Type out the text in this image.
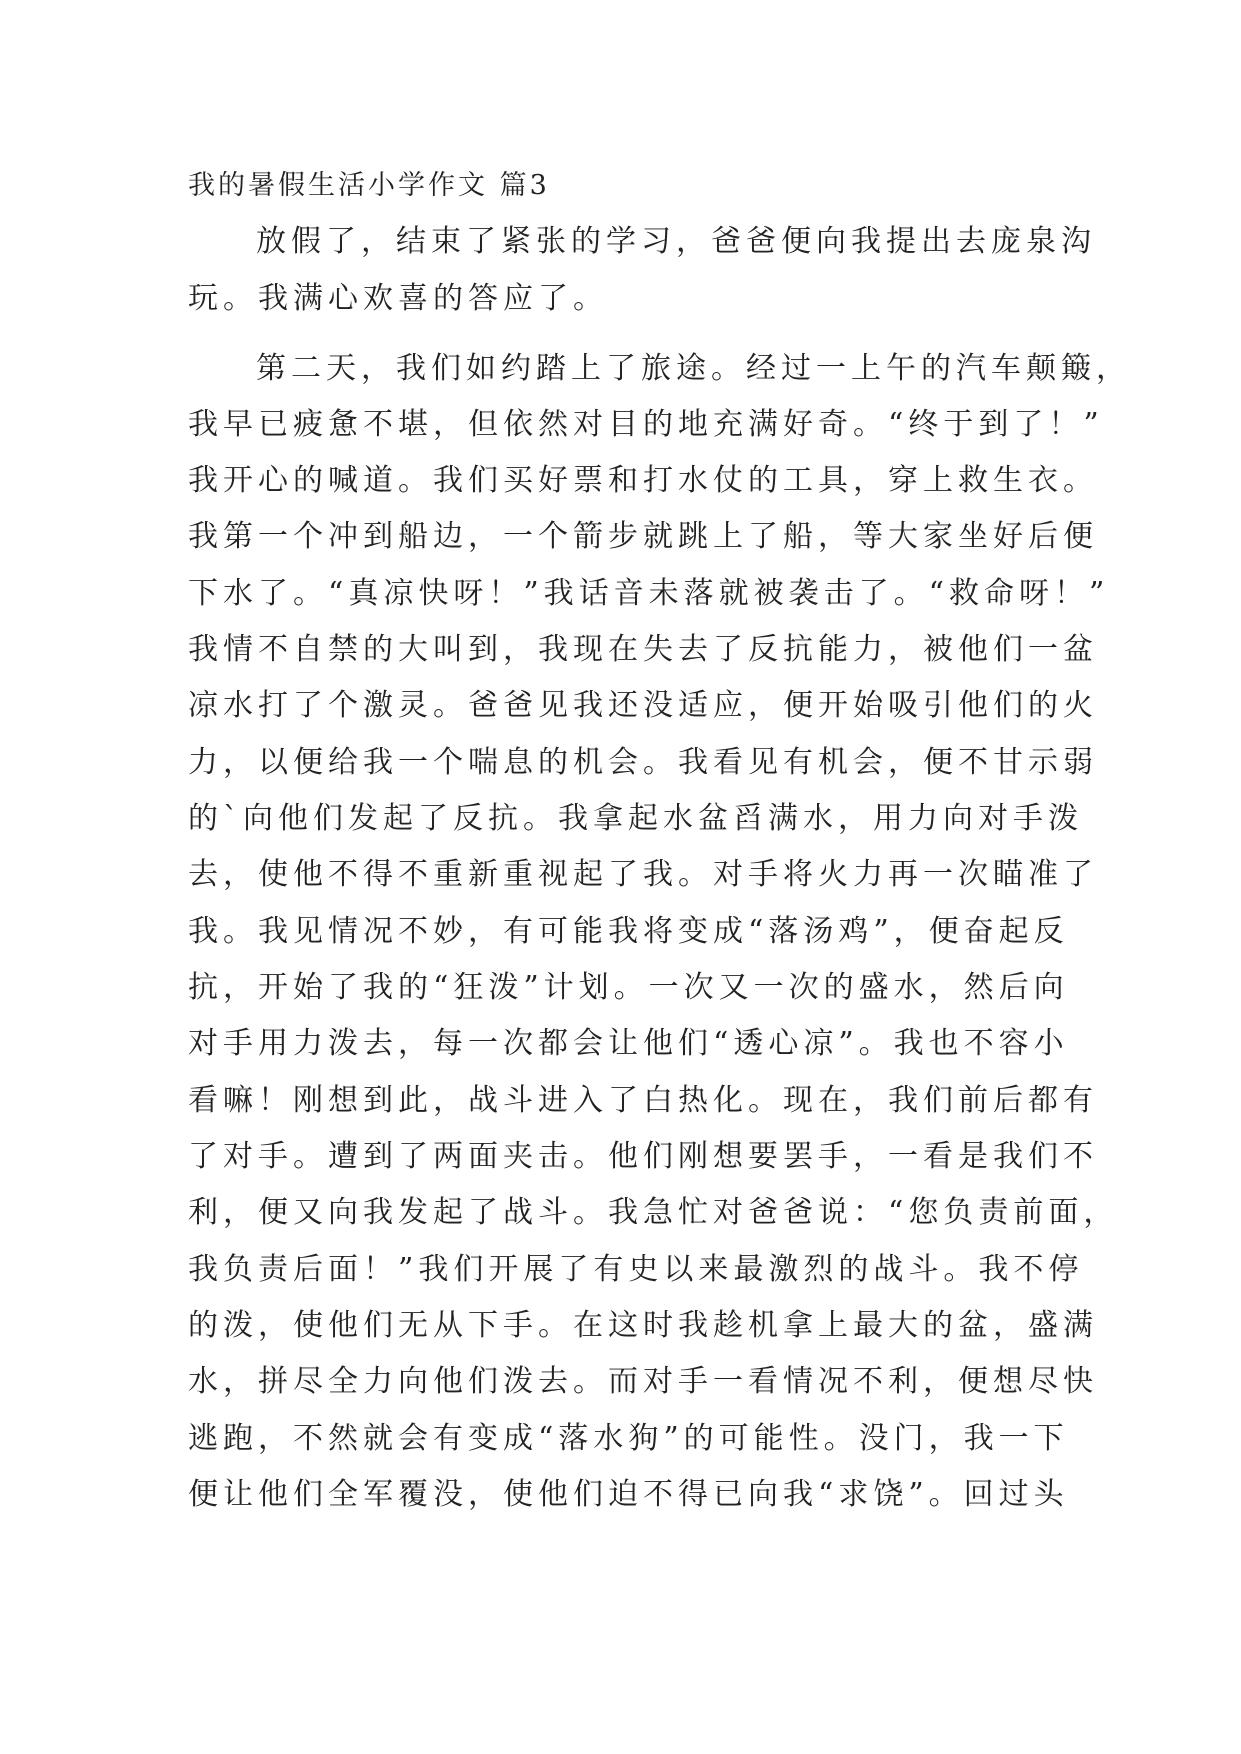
我的暑假生活小学作文 篇3
放假了，结束了紧张的学习，爸爸便向我提出去庞泉沟
玩。我满心欢喜的答应了。
第二天，我们如约踏上了旅途。经过一上午的汽车颠簸，
我早已疲惫不堪，但依然对目的地充满好奇。“终于到了！”
我开心的喊道。我们买好票和打水仗的工具，穿上救生衣。
我第一个冲到船边，一个箭步就跳上了船，等大家坐好后便
下水了。“真凉快呀！”我话音未落就被袭击了。“救命呀！”
我情不自禁的大叫到，我现在失去了反抗能力，被他们一盆
凉水打了个激灵。爸爸见我还没适应，便开始吸引他们的火
力，以便给我一个喘息的机会。我看见有机会，便不甘示弱
的`向他们发起了反抗。我拿起水盆舀满水，用力向对手泼
去，使他不得不重新重视起了我。对手将火力再一次瞄准了
我。我见情况不妙，有可能我将变成“落汤鸡”，便奋起反
抗，开始了我的“狂泼”计划。一次又一次的盛水，然后向
对手用力泼去，每一次都会让他们“透心凉”。我也不容小
看嘛！刚想到此，战斗进入了白热化。现在，我们前后都有
了对手。遭到了两面夹击。他们刚想要罢手，一看是我们不
利，便又向我发起了战斗。我急忙对爸爸说：“您负责前面，
我负责后面！”我们开展了有史以来最激烈的战斗。我不停
的泼，使他们无从下手。在这时我趁机拿上最大的盆，盛满
水，拼尽全力向他们泼去。而对手一看情况不利，便想尽快
逃跑，不然就会有变成“落水狗”的可能性。没门，我一下
便让他们全军覆没，使他们迫不得已向我“求饶”。回过头
